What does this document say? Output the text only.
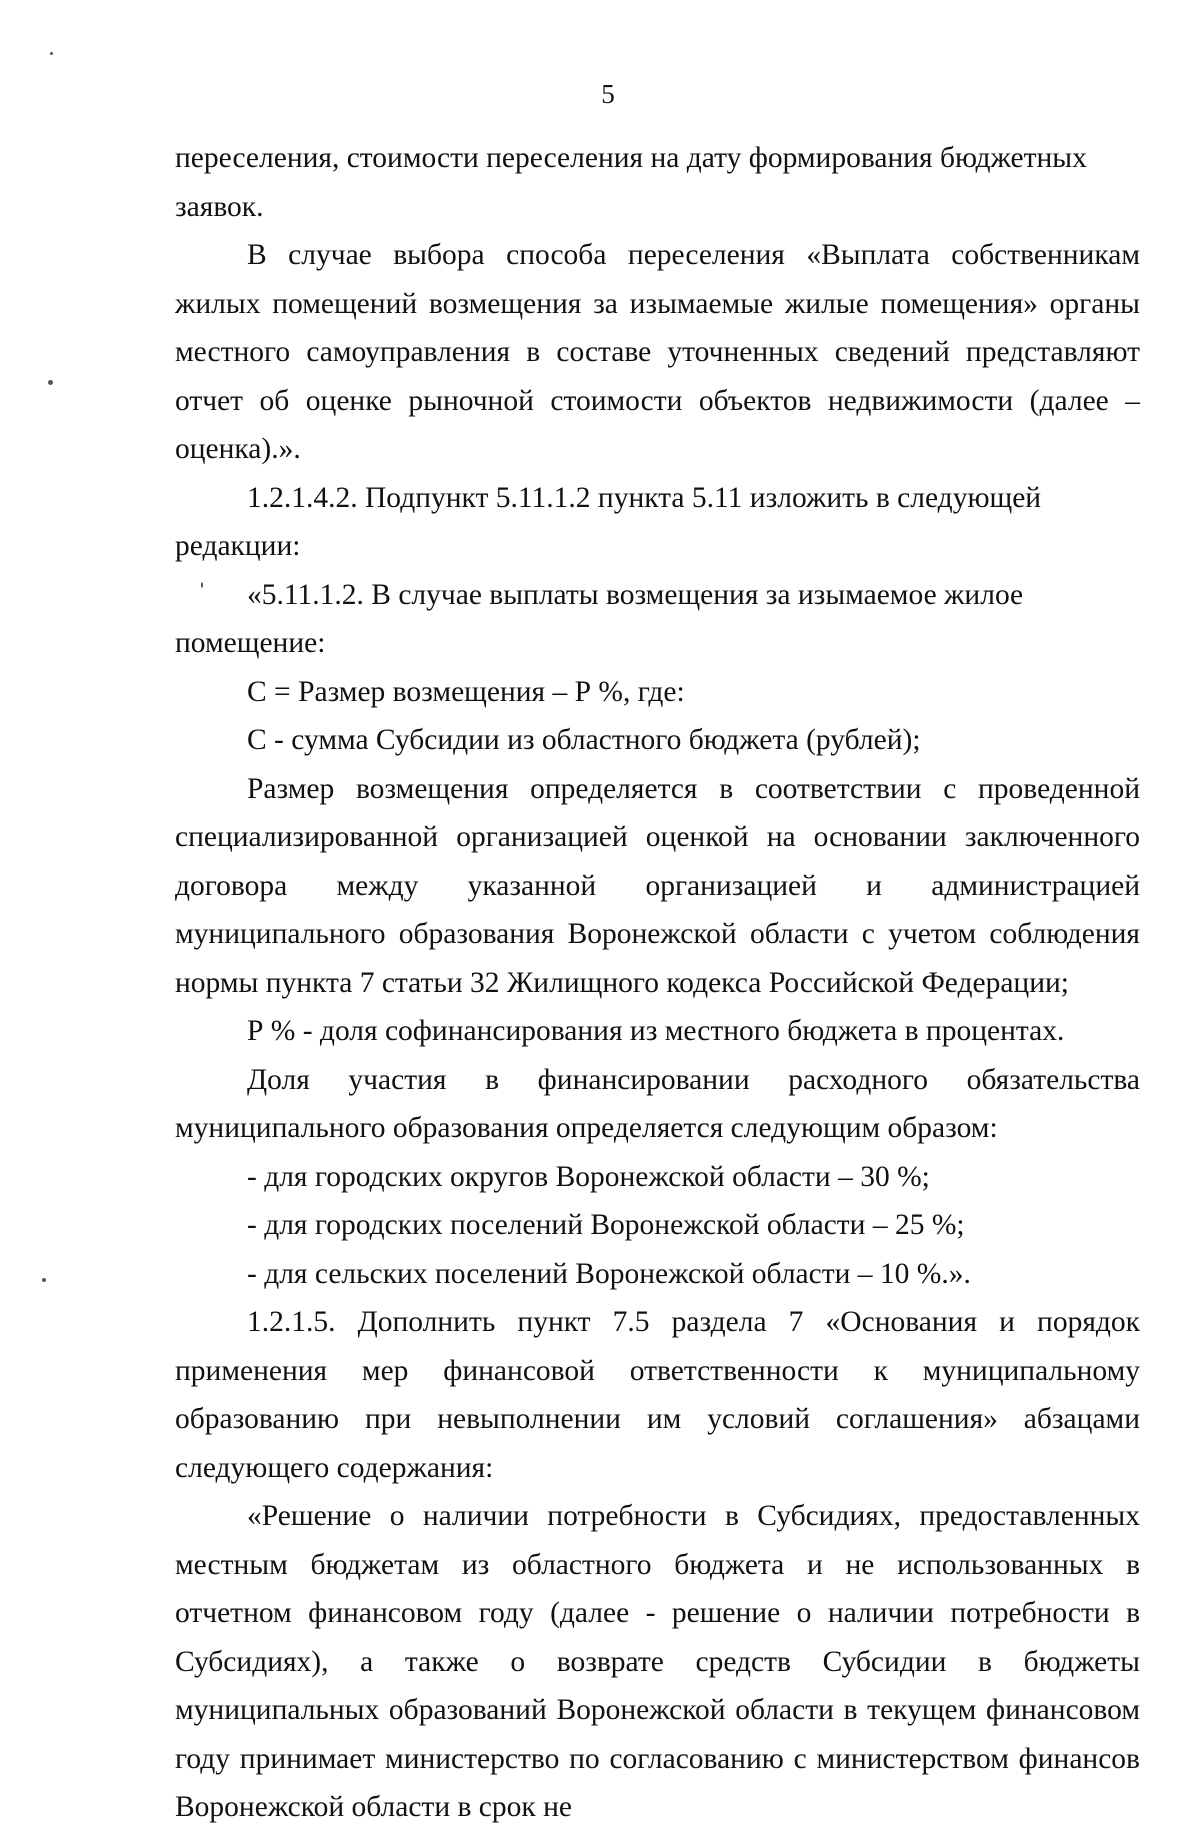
5

переселения, стоимости переселения на дату формирования бюджетных заявок.

В случае выбора способа переселения «Выплата собственникам жилых помещений возмещения за изымаемые жилые помещения» органы местного самоуправления в составе уточненных сведений представляют отчет об оценке рыночной стоимости объектов недвижимости (далее – оценка).».

1.2.1.4.2. Подпункт 5.11.1.2 пункта 5.11 изложить в следующей редакции:

«5.11.1.2. В случае выплаты возмещения за изымаемое жилое помещение:

С = Размер возмещения – Р %, где:

С - сумма Субсидии из областного бюджета (рублей);

Размер возмещения определяется в соответствии с проведенной специализированной организацией оценкой на основании заключенного договора между указанной организацией и администрацией муниципального образования Воронежской области с учетом соблюдения нормы пункта 7 статьи 32 Жилищного кодекса Российской Федерации;

Р % - доля софинансирования из местного бюджета в процентах.

Доля участия в финансировании расходного обязательства муниципального образования определяется следующим образом:

- для городских округов Воронежской области – 30 %;

- для городских поселений Воронежской области – 25 %;

- для сельских поселений Воронежской области – 10 %.».

1.2.1.5. Дополнить пункт 7.5 раздела 7 «Основания и порядок применения мер финансовой ответственности к муниципальному образованию при невыполнении им условий соглашения» абзацами следующего содержания:

«Решение о наличии потребности в Субсидиях, предоставленных местным бюджетам из областного бюджета и не использованных в отчетном финансовом году (далее - решение о наличии потребности в Субсидиях), а также о возврате средств Субсидии в бюджеты муниципальных образований Воронежской области в текущем финансовом году принимает министерство по согласованию с министерством финансов Воронежской области в срок не
